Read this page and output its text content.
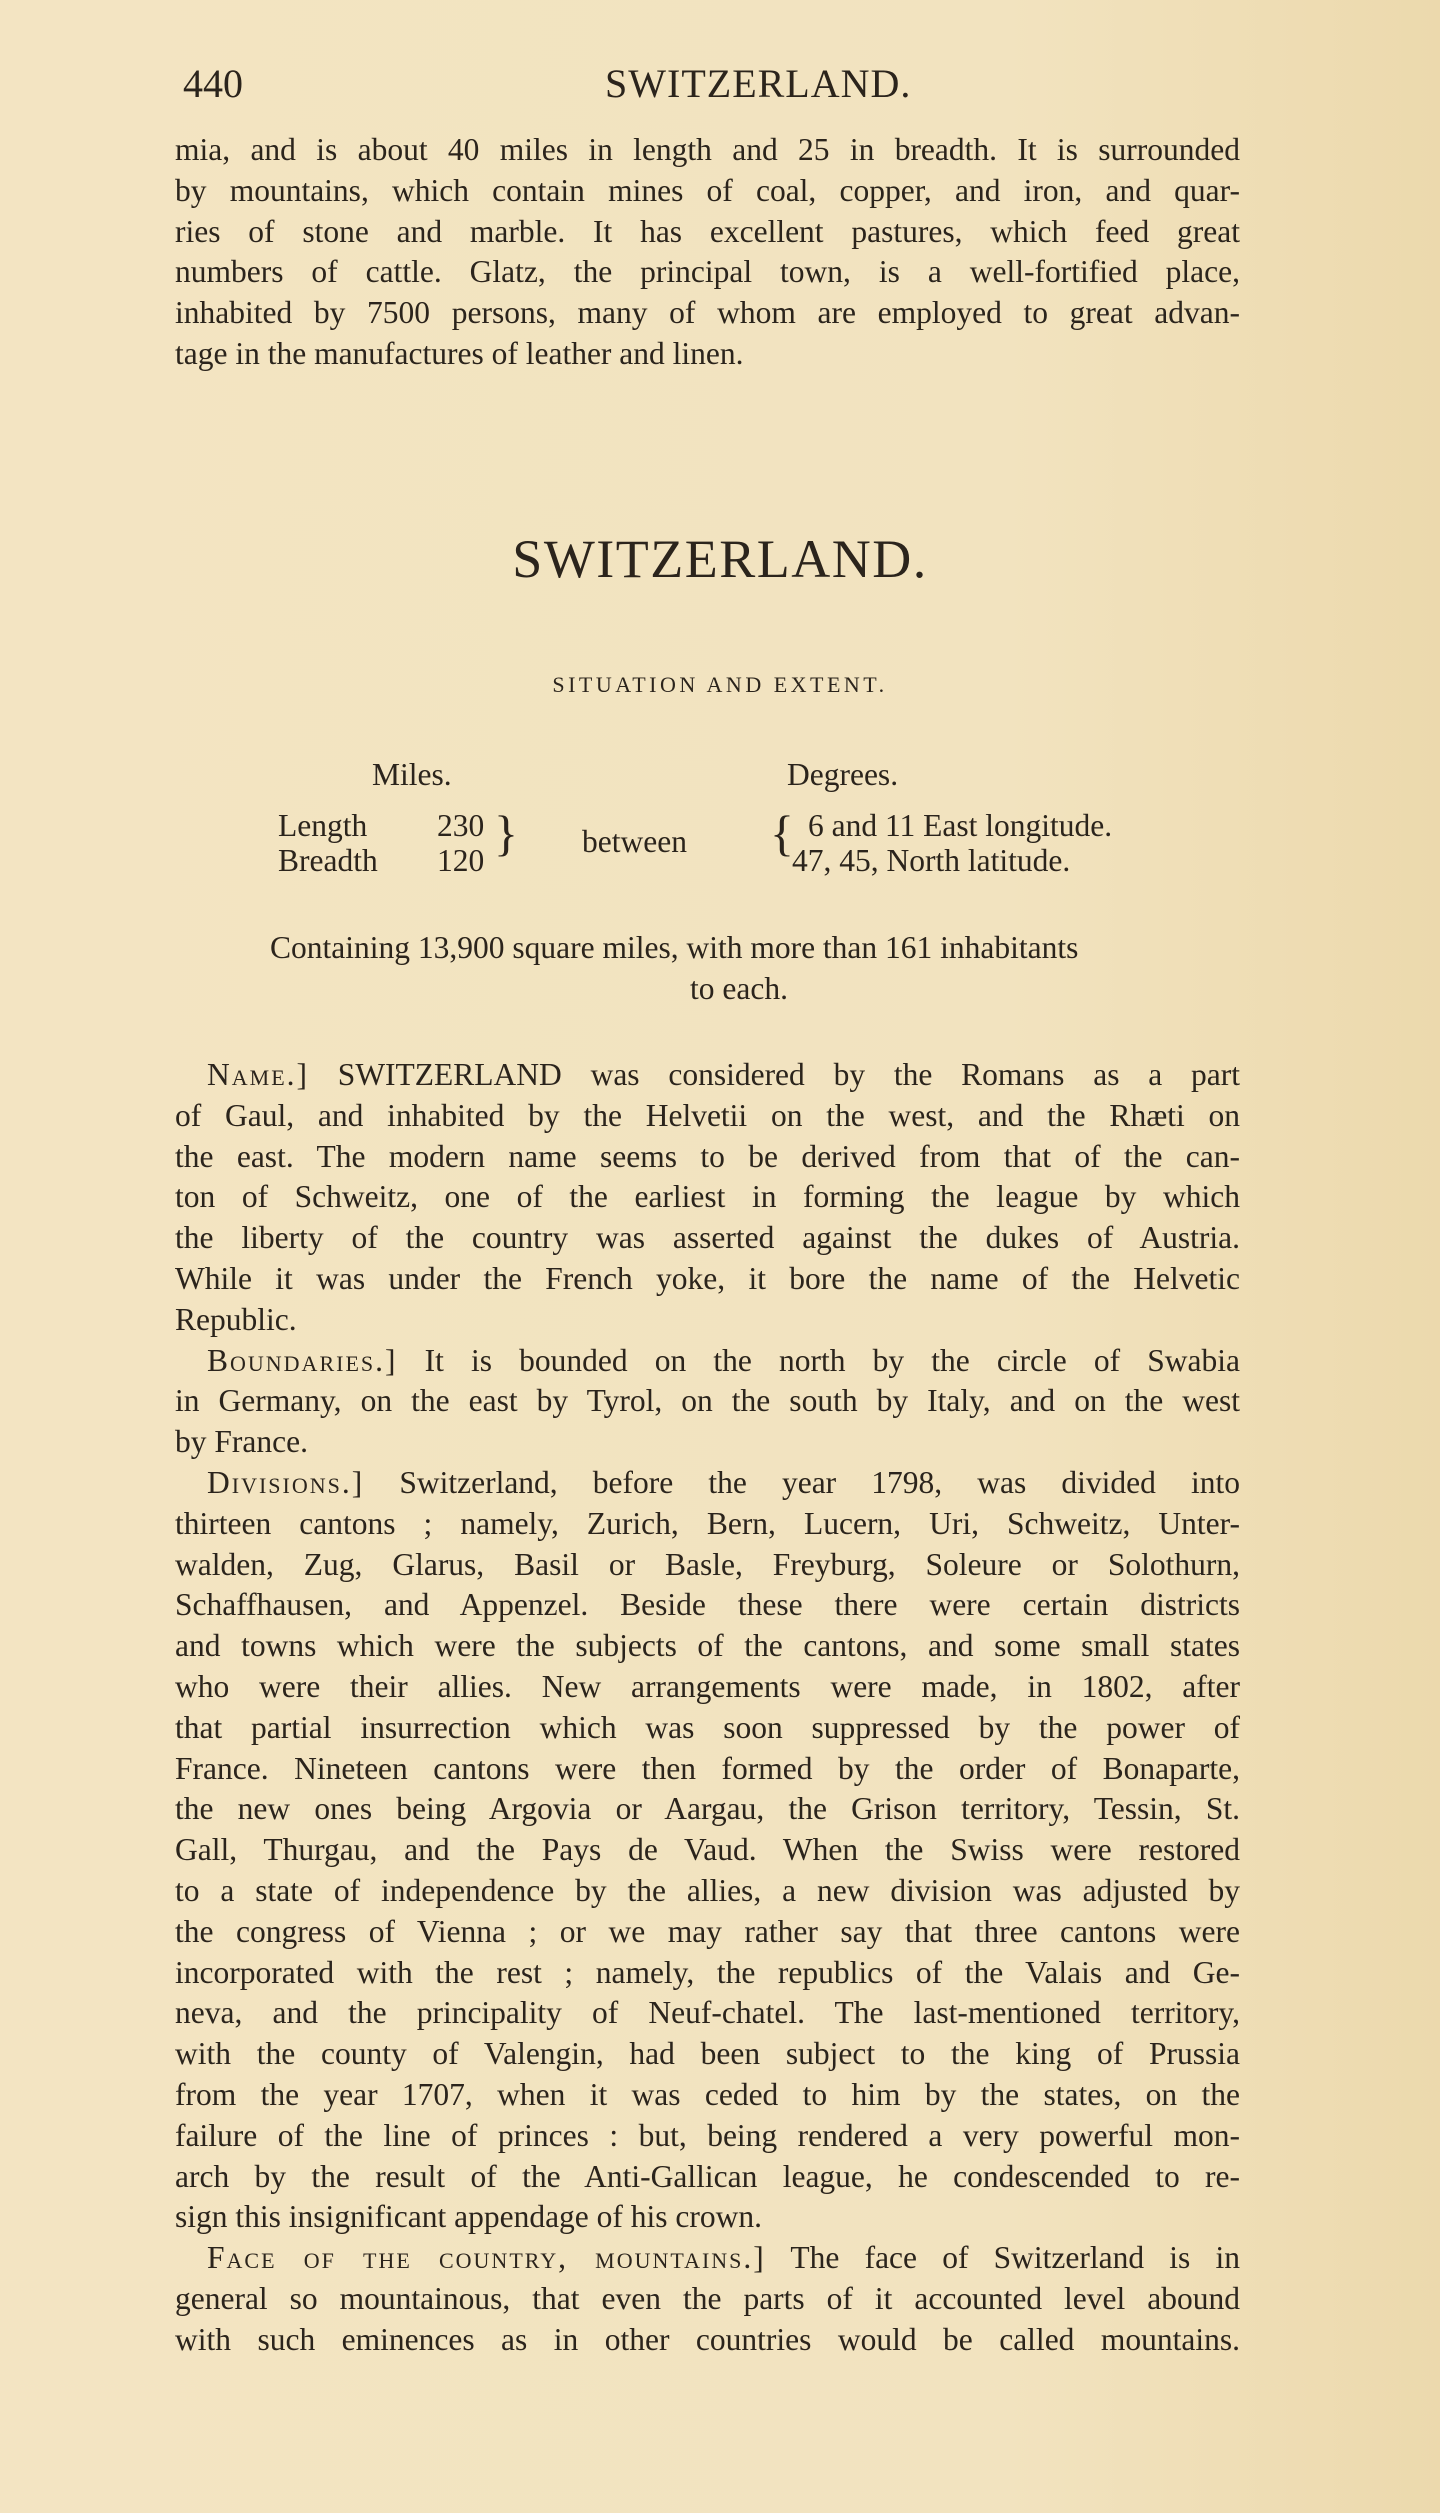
440	SWITZERLAND.
mia, and is about 40 miles in length and 25 in breadth. It is surrounded
by mountains, which contain mines of coal, copper, and iron, and quar-
ries of stone and marble. It has excellent pastures, which feed great
numbers of cattle. Glatz, the principal town, is a well-fortified place,
inhabited by 7500 persons, many of whom are employed to great advan-
tage in the manufactures of leather and linen.
SWITZERLAND.
SITUATION AND EXTENT.
Miles.	Degrees.
Length 230
Breadth 120 } between { 6 and 11 East longitude.
47, 45, North latitude.
Containing 13,900 square miles, with more than 161 inhabitants
to each.
Name.] SWITZERLAND was considered by the Romans as a part
of Gaul, and inhabited by the Helvetii on the west, and the Rhæti on
the east. The modern name seems to be derived from that of the can-
ton of Schweitz, one of the earliest in forming the league by which
the liberty of the country was asserted against the dukes of Austria.
While it was under the French yoke, it bore the name of the Helvetic
Republic.
Boundaries.] It is bounded on the north by the circle of Swabia
in Germany, on the east by Tyrol, on the south by Italy, and on the west
by France.
Divisions.] Switzerland, before the year 1798, was divided into
thirteen cantons ; namely, Zurich, Bern, Lucern, Uri, Schweitz, Unter-
walden, Zug, Glarus, Basil or Basle, Freyburg, Soleure or Solothurn,
Schaffhausen, and Appenzel. Beside these there were certain districts
and towns which were the subjects of the cantons, and some small states
who were their allies. New arrangements were made, in 1802, after
that partial insurrection which was soon suppressed by the power of
France. Nineteen cantons were then formed by the order of Bonaparte,
the new ones being Argovia or Aargau, the Grison territory, Tessin, St.
Gall, Thurgau, and the Pays de Vaud. When the Swiss were restored
to a state of independence by the allies, a new division was adjusted by
the congress of Vienna ; or we may rather say that three cantons were
incorporated with the rest ; namely, the republics of the Valais and Ge-
neva, and the principality of Neuf-chatel. The last-mentioned territory,
with the county of Valengin, had been subject to the king of Prussia
from the year 1707, when it was ceded to him by the states, on the
failure of the line of princes : but, being rendered a very powerful mon-
arch by the result of the Anti-Gallican league, he condescended to re-
sign this insignificant appendage of his crown.
Face of the country, mountains.] The face of Switzerland is in
general so mountainous, that even the parts of it accounted level abound
with such eminences as in other countries would be called mountains.
